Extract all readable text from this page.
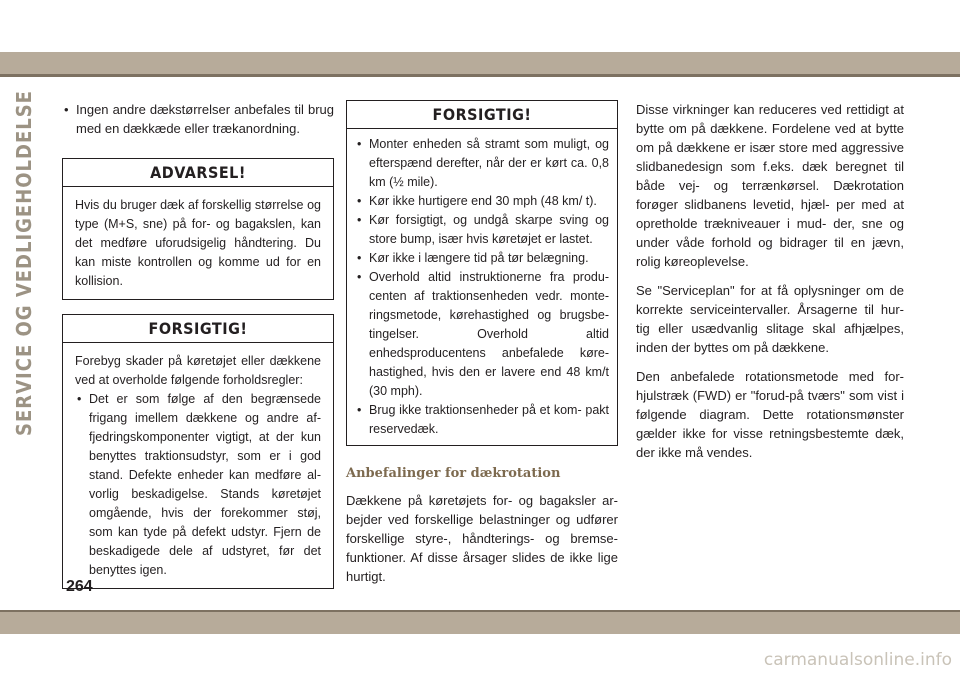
SERVICE OG VEDLIGEHOLDELSE
•	Ingen andre dækstørrelser anbefales til brug med en dækkæde eller trækanordning.
ADVARSEL!

Hvis du bruger dæk af forskellig størrelse og type (M+S, sne) på for- og bagakslen, kan det medføre uforudsigelig håndtering. Du kan miste kontrollen og komme ud for en kollision.

FORSIGTIG!

Forebyg skader på køretøjet eller dækkene ved at overholde følgende forholdsregler:

• Det er som følge af den begrænsede frigang imellem dækkene og andre af- fjedringskomponenter vigtigt, at der kun benyttes traktionsudstyr, som er i god stand. Defekte enheder kan medføre al- vorlig beskadigelse. Stands køretøjet omgående, hvis der forekommer støj, som kan tyde på defekt udstyr. Fjern de beskadigede dele af udstyret, før det benyttes igen.
FORSIGTIG!
• Monter enheden så stramt som muligt, og efterspænd derefter, når der er kørt ca. 0,8 km (½ mile).
• Kør ikke hurtigere end 30 mph (48 km/ t).
• Kør forsigtigt, og undgå skarpe sving og store bump, især hvis køretøjet er lastet.
• Kør ikke i længere tid på tør belægning.
• Overhold altid instruktionerne fra produ- centen af traktionsenheden vedr. monte- ringsmetode, kørehastighed og brugsbe- tingelser. Overhold altid enhedsproducentens anbefalede køre- hastighed, hvis den er lavere end 48 km/t (30 mph).
• Brug ikke traktionsenheder på et kom- pakt reservedæk.
Anbefalinger for dækrotation

Dækkene på køretøjets for- og bagaksler ar- bejder ved forskellige belastninger og udfører forskellige styre-, håndterings- og bremse- funktioner. Af disse årsager slides de ikke lige hurtigt.

Disse virkninger kan reduceres ved rettidigt at bytte om på dækkene. Fordelene ved at bytte om på dækkene er især store med aggressive slidbanedesign som f.eks. dæk beregnet til både vej- og terrænkørsel. Dækrotation forøger slidbanens levetid, hjæl- per med at opretholde trækniveauer i mud- der, sne og under våde forhold og bidrager til en jævn, rolig køreoplevelse.

Se "Serviceplan" for at få oplysninger om de korrekte serviceintervaller. Årsagerne til hur- tig eller usædvanlig slitage skal afhjælpes, inden der byttes om på dækkene.

Den anbefalede rotationsmetode med for- hjulstræk (FWD) er "forud-på tværs" som vist i følgende diagram. Dette rotationsmønster gælder ikke for visse retningsbestemte dæk, der ikke må vendes.

264
carmanualsonline.info
